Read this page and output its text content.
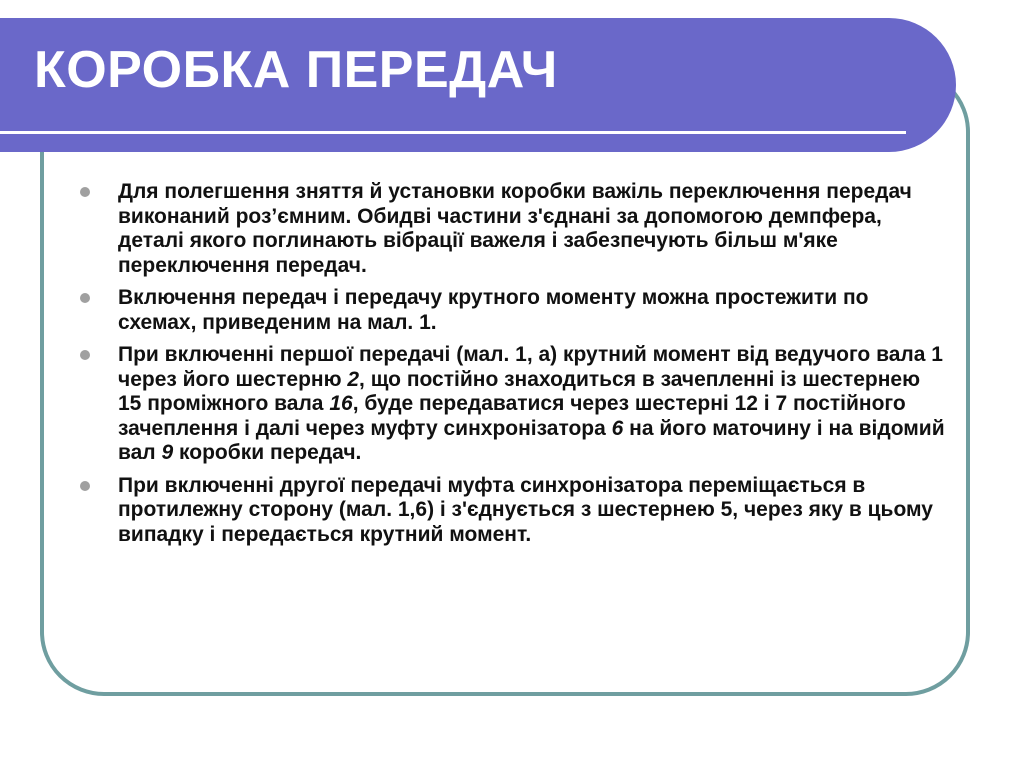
КОРОБКА ПЕРЕДАЧ
Для полегшення зняття й установки коробки важіль переключення передач виконаний роз’ємним. Обидві частини з'єднані за допомогою демпфера, деталі якого поглинають вібрації важеля і забезпечують більш м'яке переключення передач.
Включення передач і передачу крутного моменту можна простежити по схемах, приведеним на мал. 1.
При включенні першої передачі (мал. 1, а) крутний момент від ведучого вала 1 через його шестерню 2, що постійно знаходиться в зачепленні із шестернею 15 проміжного вала 16, буде передаватися через шестерні 12 і 7 постійного зачеплення і далі через муфту синхронізатора 6 на його маточину і на відомий вал 9 коробки передач.
При включенні другої передачі муфта синхронізатора переміщається в протилежну сторону (мал. 1,6) і з'єднується з шестернею 5, через яку в цьому випадку і передається крутний момент.
